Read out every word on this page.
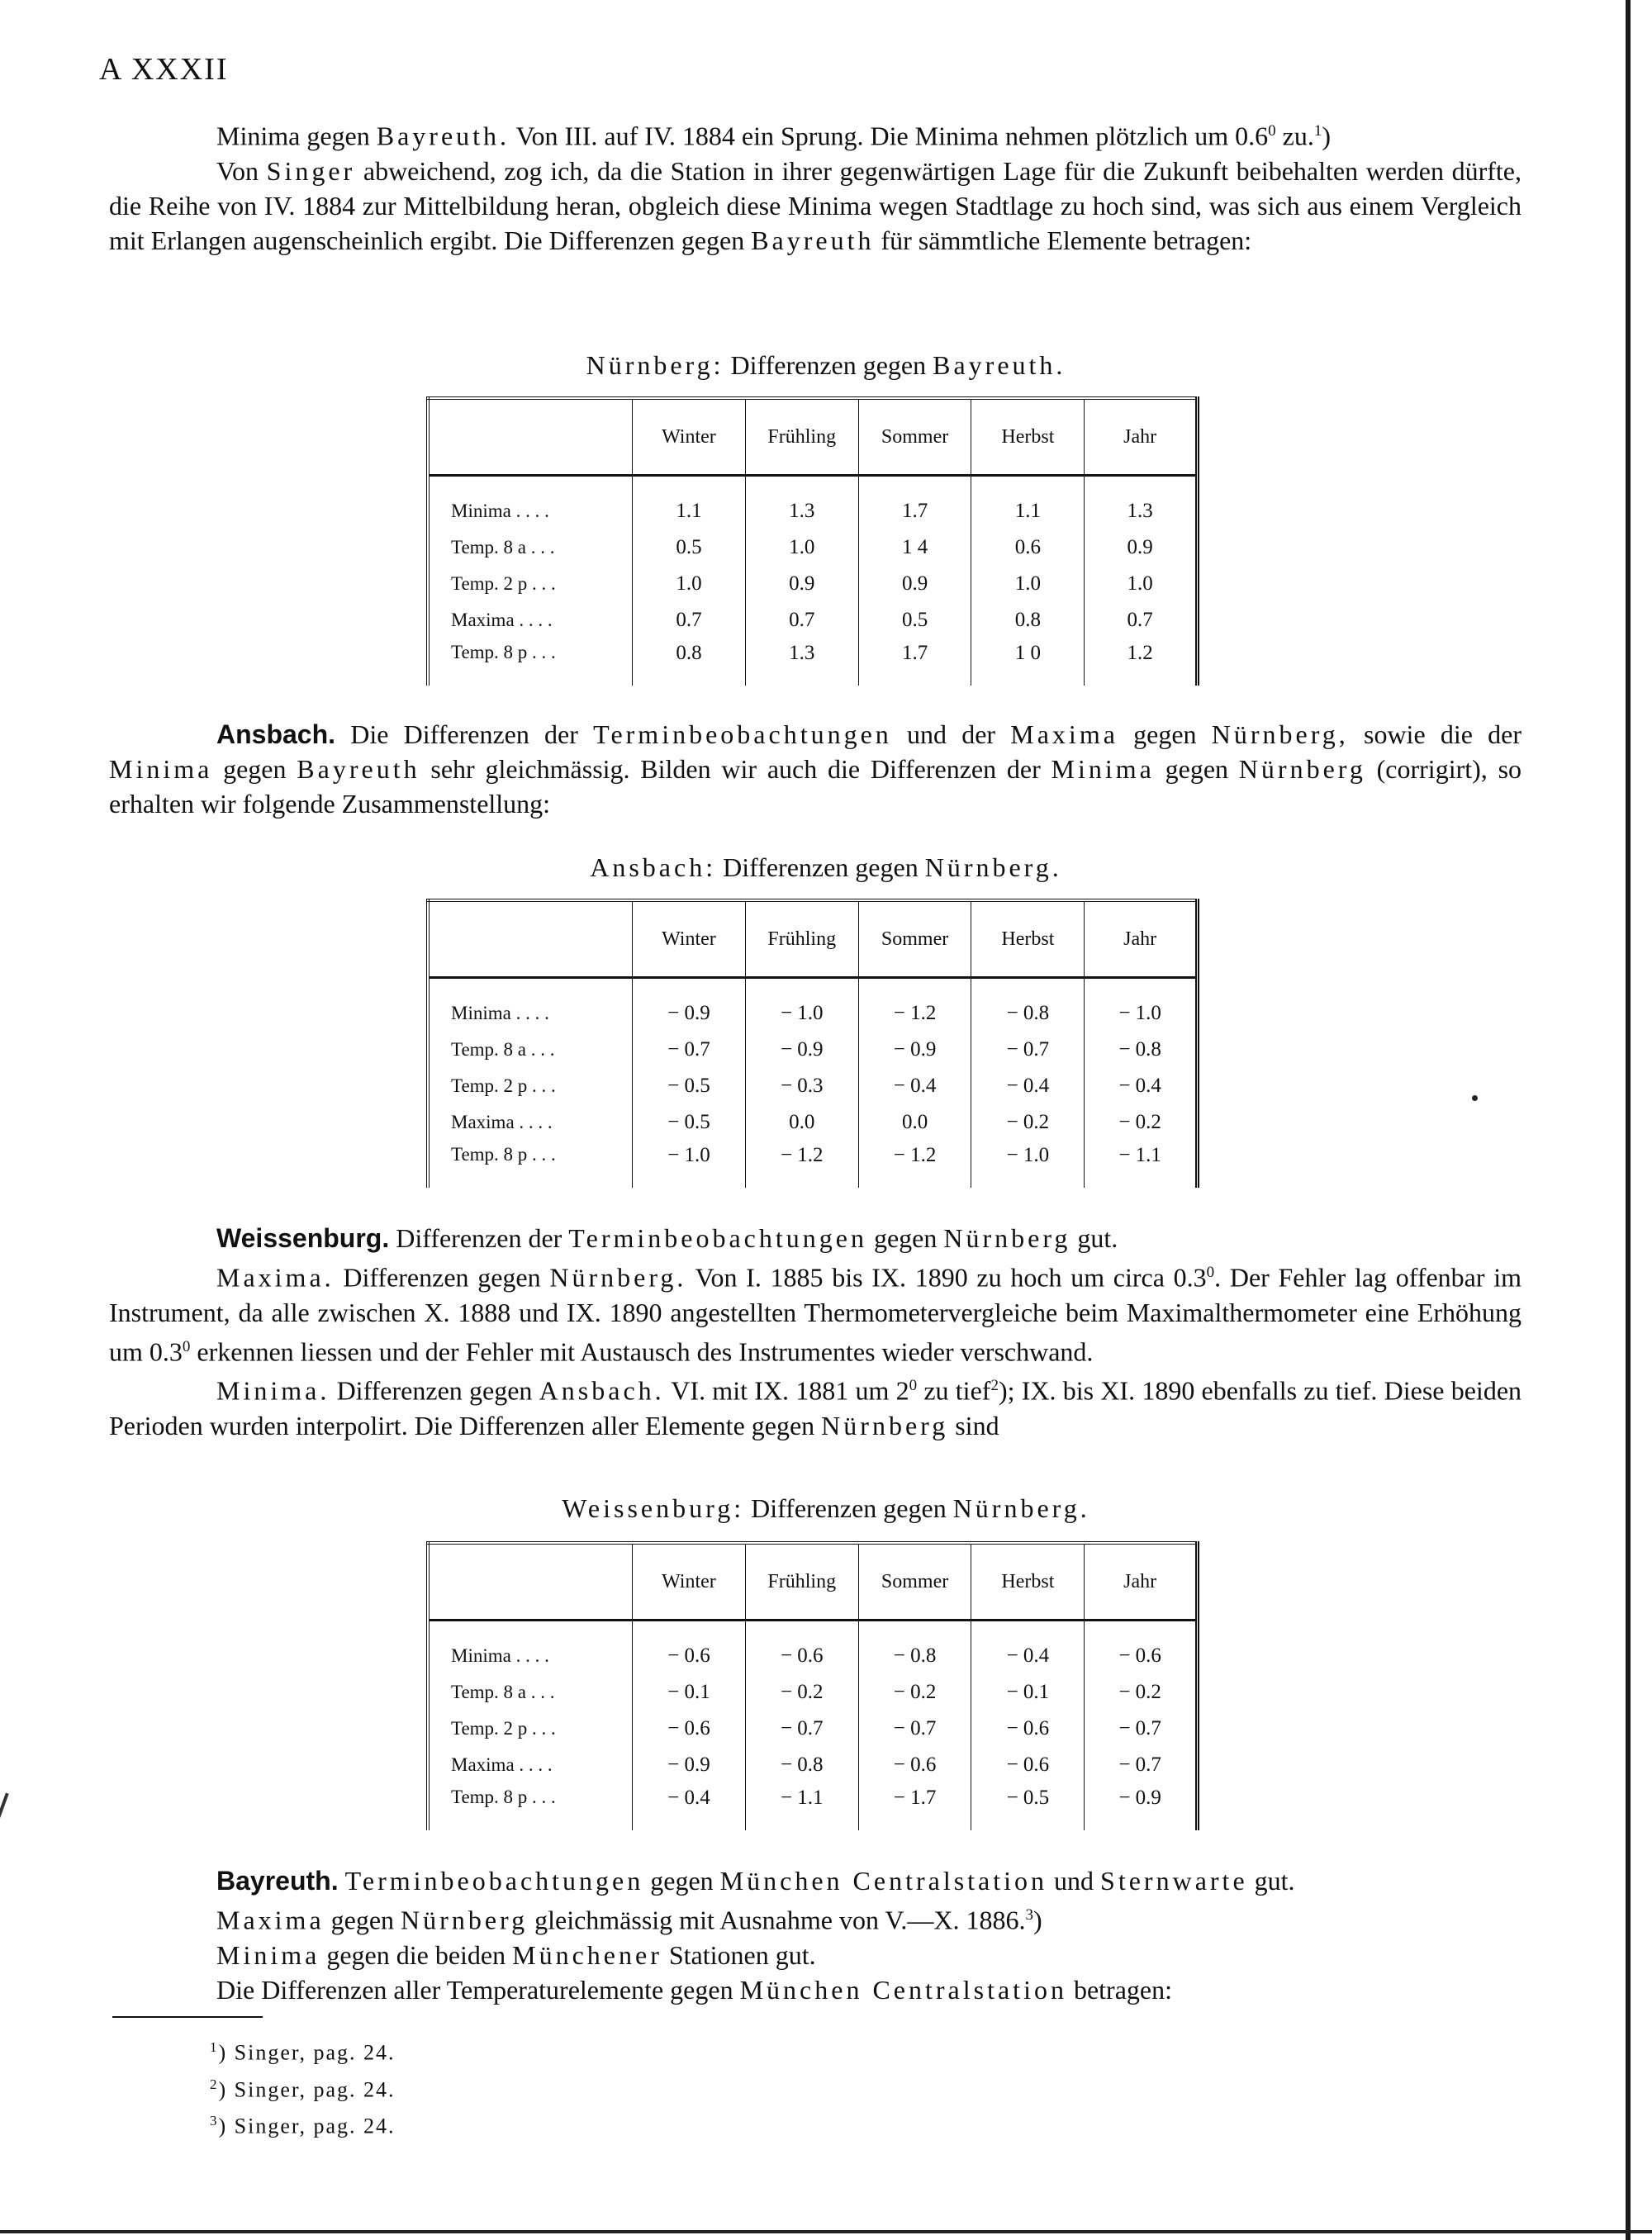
A XXXII

Minima gegen Bayreuth. Von III. auf IV. 1884 ein Sprung. Die Minima nehmen plötzlich um $0.6^0$ zu.$^1$)

Von Singer abweichend, zog ich, da die Station in ihrer gegenwärtigen Lage für die Zukunft beibehalten werden dürfte, die Reihe von IV. 1884 zur Mittelbildung heran, obgleich diese Minima wegen Stadtlage zu hoch sind, was sich aus einem Vergleich mit Erlangen augenscheinlich ergibt. Die Differenzen gegen Bayreuth für sämmtliche Elemente betragen:

Nürnberg: Differenzen gegen Bayreuth.
	Winter	Frühling	Sommer	Herbst	Jahr

Minima . . . .	1.1	1.3	1.7	1.1	1.3
Temp. 8 a . . .	0.5	1.0	1 4	0.6	0.9
Temp. 2 p . . .	1.0	0.9	0.9	1.0	1.0
Maxima . . . .	0.7	0.7	0.5	0.8	0.7
Temp. 8 p . . .	0.8	1.3	1.7	1 0	1.2

Ansbach. Die Differenzen der Terminbeobachtungen und der Maxima gegen Nürnberg, sowie die der Minima gegen Bayreuth sehr gleichmässig. Bilden wir auch die Differenzen der Minima gegen Nürnberg (corrigirt), so erhalten wir folgende Zusammenstellung:

Ansbach: Differenzen gegen Nürnberg.
	Winter	Frühling	Sommer	Herbst	Jahr

Minima . . . .	− 0.9	− 1.0	− 1.2	− 0.8	− 1.0
Temp. 8 a . . .	− 0.7	− 0.9	− 0.9	− 0.7	− 0.8
Temp. 2 p . . .	− 0.5	− 0.3	− 0.4	− 0.4	− 0.4
Maxima . . . .	− 0.5	0.0	0.0	− 0.2	− 0.2
Temp. 8 p . . .	− 1.0	− 1.2	− 1.2	− 1.0	− 1.1

Weissenburg. Differenzen der Terminbeobachtungen gegen Nürnberg gut.

Maxima. Differenzen gegen Nürnberg. Von I. 1885 bis IX. 1890 zu hoch um circa $0.3^0$. Der Fehler lag offenbar im Instrument, da alle zwischen X. 1888 und IX. 1890 angestellten Thermometervergleiche beim Maximalthermometer eine Erhöhung um $0.3^0$ erkennen liessen und der Fehler mit Austausch des Instrumentes wieder verschwand.

Minima. Differenzen gegen Ansbach. VI. mit IX. 1881 um $2^0$ zu tief$^2$); IX. bis XI. 1890 ebenfalls zu tief. Diese beiden Perioden wurden interpolirt. Die Differenzen aller Elemente gegen Nürnberg sind

Weissenburg: Differenzen gegen Nürnberg.
	Winter	Frühling	Sommer	Herbst	Jahr

Minima . . . .	− 0.6	− 0.6	− 0.8	− 0.4	− 0.6
Temp. 8 a . . .	− 0.1	− 0.2	− 0.2	− 0.1	− 0.2
Temp. 2 p . . .	− 0.6	− 0.7	− 0.7	− 0.6	− 0.7
Maxima . . . .	− 0.9	− 0.8	− 0.6	− 0.6	− 0.7
Temp. 8 p . . .	− 0.4	− 1.1	− 1.7	− 0.5	− 0.9

Bayreuth. Terminbeobachtungen gegen München Centralstation und Sternwarte gut.

Maxima gegen Nürnberg gleichmässig mit Ausnahme von V.—X. 1886.$^3$)

Minima gegen die beiden Münchener Stationen gut.

Die Differenzen aller Temperaturelemente gegen München Centralstation betragen:

$^1$) Singer, pag. 24.
$^2$) Singer, pag. 24.
$^3$) Singer, pag. 24.
